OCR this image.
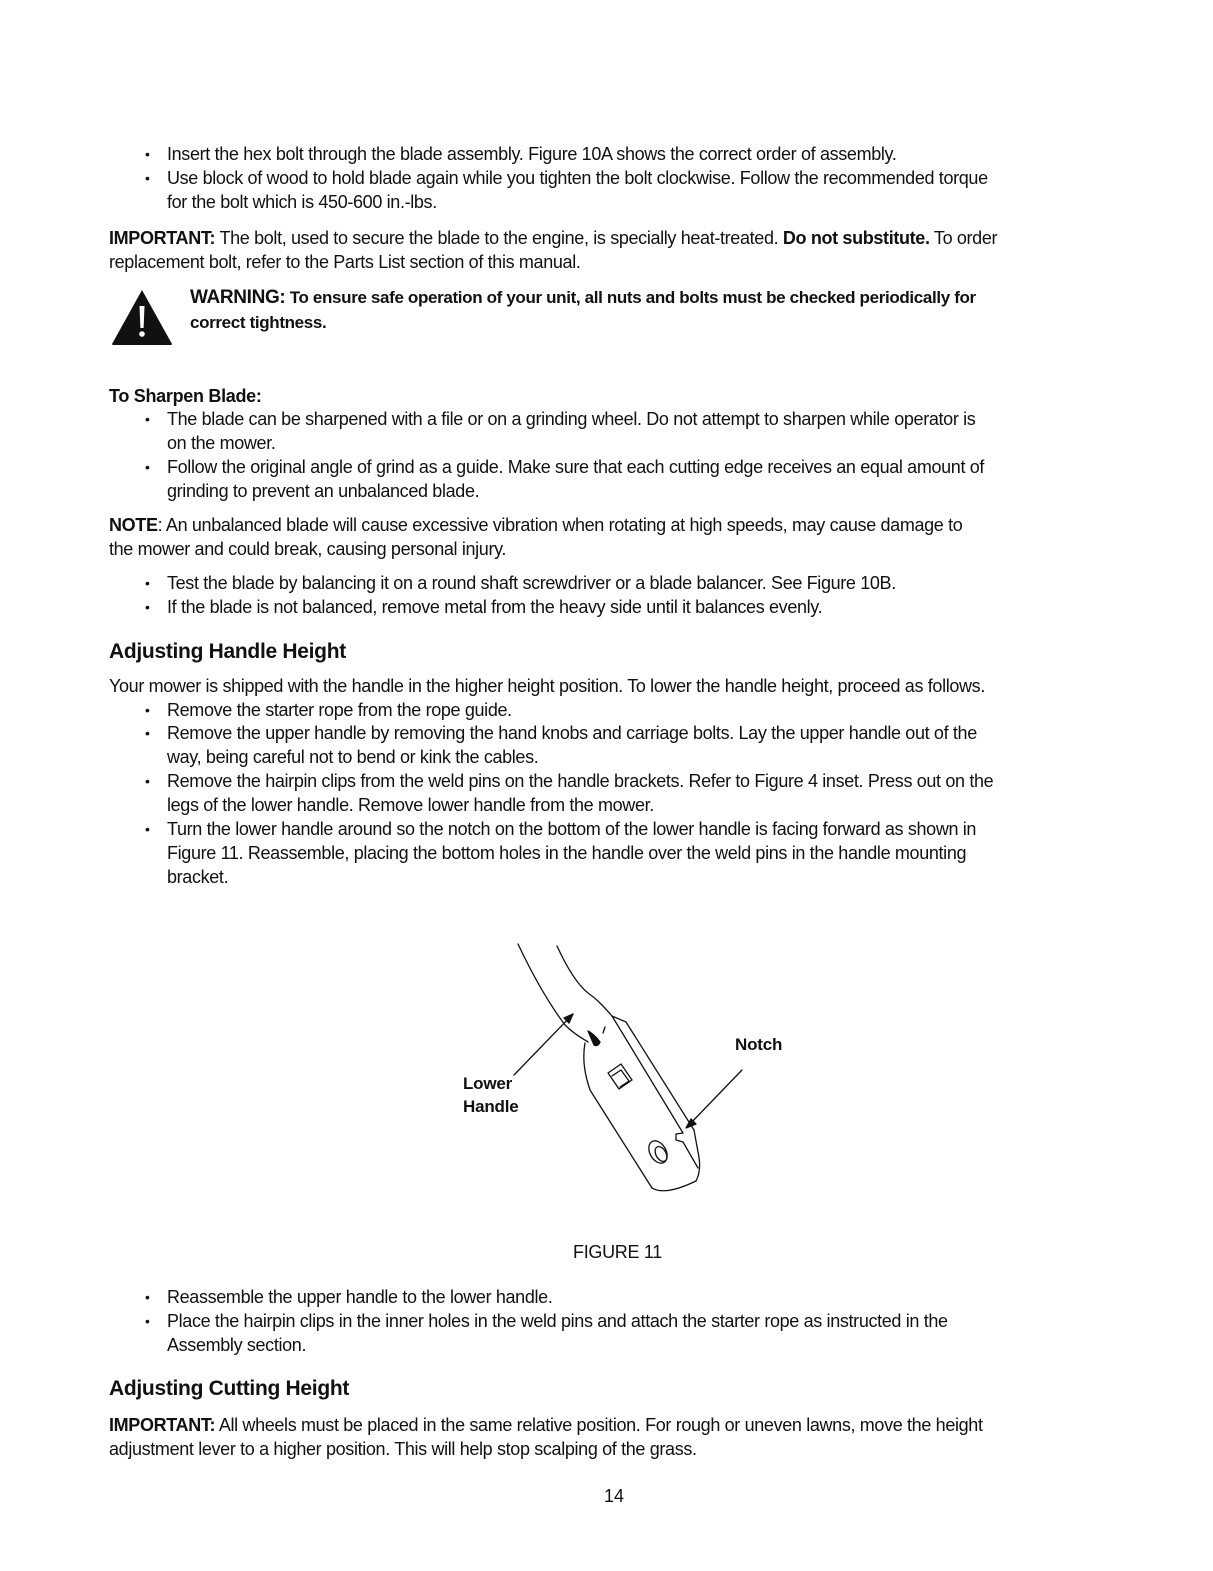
• Insert the hex bolt through the blade assembly. Figure 10A shows the correct order of assembly.
• Use block of wood to hold blade again while you tighten the bolt clockwise. Follow the recommended torque
for the bolt which is 450-600 in.-lbs.
IMPORTANT: The bolt, used to secure the blade to the engine, is specially heat-treated. Do not substitute. To order
replacement bolt, refer to the Parts List section of this manual.
WARNING: To ensure safe operation of your unit, all nuts and bolts must be checked periodically for
correct tightness.
To Sharpen Blade:
• The blade can be sharpened with a file or on a grinding wheel. Do not attempt to sharpen while operator is
on the mower.
• Follow the original angle of grind as a guide. Make sure that each cutting edge receives an equal amount of
grinding to prevent an unbalanced blade.
NOTE: An unbalanced blade will cause excessive vibration when rotating at high speeds, may cause damage to
the mower and could break, causing personal injury.
• Test the blade by balancing it on a round shaft screwdriver or a blade balancer. See Figure 10B.
• If the blade is not balanced, remove metal from the heavy side until it balances evenly.
Adjusting Handle Height
Your mower is shipped with the handle in the higher height position. To lower the handle height, proceed as follows.
• Remove the starter rope from the rope guide.
• Remove the upper handle by removing the hand knobs and carriage bolts. Lay the upper handle out of the
way, being careful not to bend or kink the cables.
• Remove the hairpin clips from the weld pins on the handle brackets. Refer to Figure 4 inset. Press out on the
legs of the lower handle. Remove lower handle from the mower.
• Turn the lower handle around so the notch on the bottom of the lower handle is facing forward as shown in
Figure 11. Reassemble, placing the bottom holes in the handle over the weld pins in the handle mounting
bracket.
Lower
Handle
Notch
FIGURE 11
• Reassemble the upper handle to the lower handle.
• Place the hairpin clips in the inner holes in the weld pins and attach the starter rope as instructed in the
Assembly section.
Adjusting Cutting Height
IMPORTANT: All wheels must be placed in the same relative position. For rough or uneven lawns, move the height
adjustment lever to a higher position. This will help stop scalping of the grass.
14
